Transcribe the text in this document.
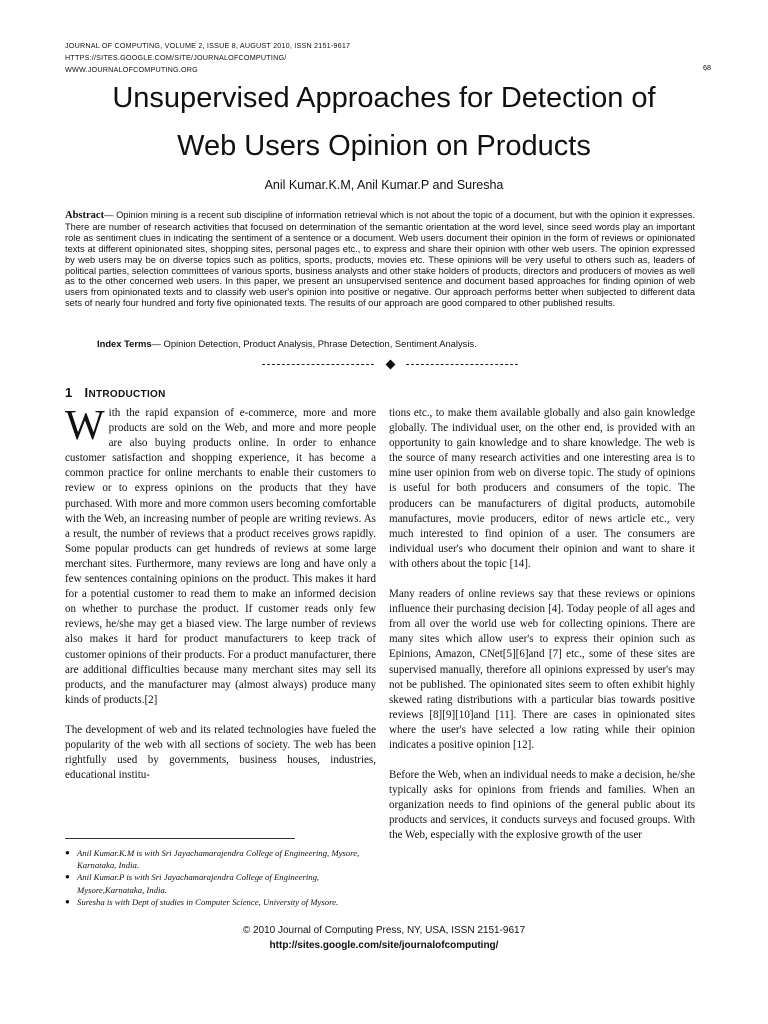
JOURNAL OF COMPUTING, VOLUME 2, ISSUE 8, AUGUST 2010, ISSN 2151-9617
HTTPS://SITES.GOOGLE.COM/SITE/JOURNALOFCOMPUTING/
WWW.JOURNALOFCOMPUTING.ORG	68
Unsupervised Approaches for Detection of
Web Users Opinion on Products
Anil Kumar.K.M, Anil Kumar.P and Suresha
Abstract— Opinion mining is a recent sub discipline of information retrieval which is not about the topic of a document, but with the opinion it expresses. There are number of research activities that focused on determination of the semantic orientation at the word level, since seed words play an important role as sentiment clues in indicating the sentiment of a sentence or a document. Web users document their opinion in the form of reviews or opinionated texts at different opinionated sites, shopping sites, personal pages etc., to express and share their opinion with other web users. The opinion expressed by web users may be on diverse topics such as politics, sports, products, movies etc. These opinions will be very useful to others such as, leaders of political parties, selection committees of various sports, business analysts and other stake holders of products, directors and producers of movies as well as to the other concerned web users. In this paper, we present an unsupervised sentence and document based approaches for finding opinion of web users from opinionated texts and to classify web user's opinion into positive or negative. Our approach performs better when subjected to different data sets of nearly four hundred and forty five opinionated texts. The results of our approach are good compared to other published results.
Index Terms— Opinion Detection, Product Analysis, Phrase Detection, Sentiment Analysis.
1 INTRODUCTION

With the rapid expansion of e-commerce, more and more products are sold on the Web, and more and more people are also buying products online. In order to enhance customer satisfaction and shopping experience, it has become a common practice for online merchants to enable their customers to review or to express opinions on the products that they have purchased. With more and more common users becoming comfortable with the Web, an increasing number of people are writing reviews. As a result, the number of reviews that a product receives grows rapidly. Some popular products can get hundreds of reviews at some large merchant sites. Furthermore, many reviews are long and have only a few sentences containing opinions on the product. This makes it hard for a potential customer to read them to make an informed decision on whether to purchase the product. If customer reads only few reviews, he/she may get a biased view. The large number of reviews also makes it hard for product manufacturers to keep track of customer opinions of their products. For a product manufacturer, there are additional difficulties because many merchant sites may sell its products, and the manufacturer may (almost always) produce many kinds of products.[2]

The development of web and its related technologies have fueled the popularity of the web with all sections of society. The web has been rightfully used by governments, business houses, industries, educational institu-

tions etc., to make them available globally and also gain knowledge globally. The individual user, on the other end, is provided with an opportunity to gain knowledge and to share knowledge. The web is the source of many research activities and one interesting area is to mine user opinion from web on diverse topic. The study of opinions is useful for both producers and consumers of the topic. The producers can be manufacturers of digital products, automobile manufactures, movie producers, editor of news article etc., very much interested to find opinion of a user. The consumers are individual user's who document their opinion and want to share it with others about the topic [14].

Many readers of online reviews say that these reviews or opinions influence their purchasing decision [4]. Today people of all ages and from all over the world use web for collecting opinions. There are many sites which allow user's to express their opinion such as Epinions, Amazon, CNet[5][6]and [7] etc., some of these sites are supervised manually, therefore all opinions expressed by user's may not be published. The opinionated sites seem to often exhibit highly skewed rating distributions with a particular bias towards positive reviews [8][9][10]and [11]. There are cases in opinionated sites where the user's have selected a low rating while their opinion indicates a positive opinion [12].

Before the Web, when an individual needs to make a decision, he/she typically asks for opinions from friends and families. When an organization needs to find opinions of the general public about its products and services, it conducts surveys and focused groups. With the Web, especially with the explosive growth of the user

● Anil Kumar.K.M is with Sri Jayachamarajendra College of Engineering, Mysore, Karnataka, India.
● Anil Kumar.P is with Sri Jayachamarajendra College of Engineering, Mysore,Karnataka, India.
● Suresha is with Dept of studies in Computer Science, University of Mysore.
© 2010 Journal of Computing Press, NY, USA, ISSN 2151-9617
http://sites.google.com/site/journalofcomputing/
